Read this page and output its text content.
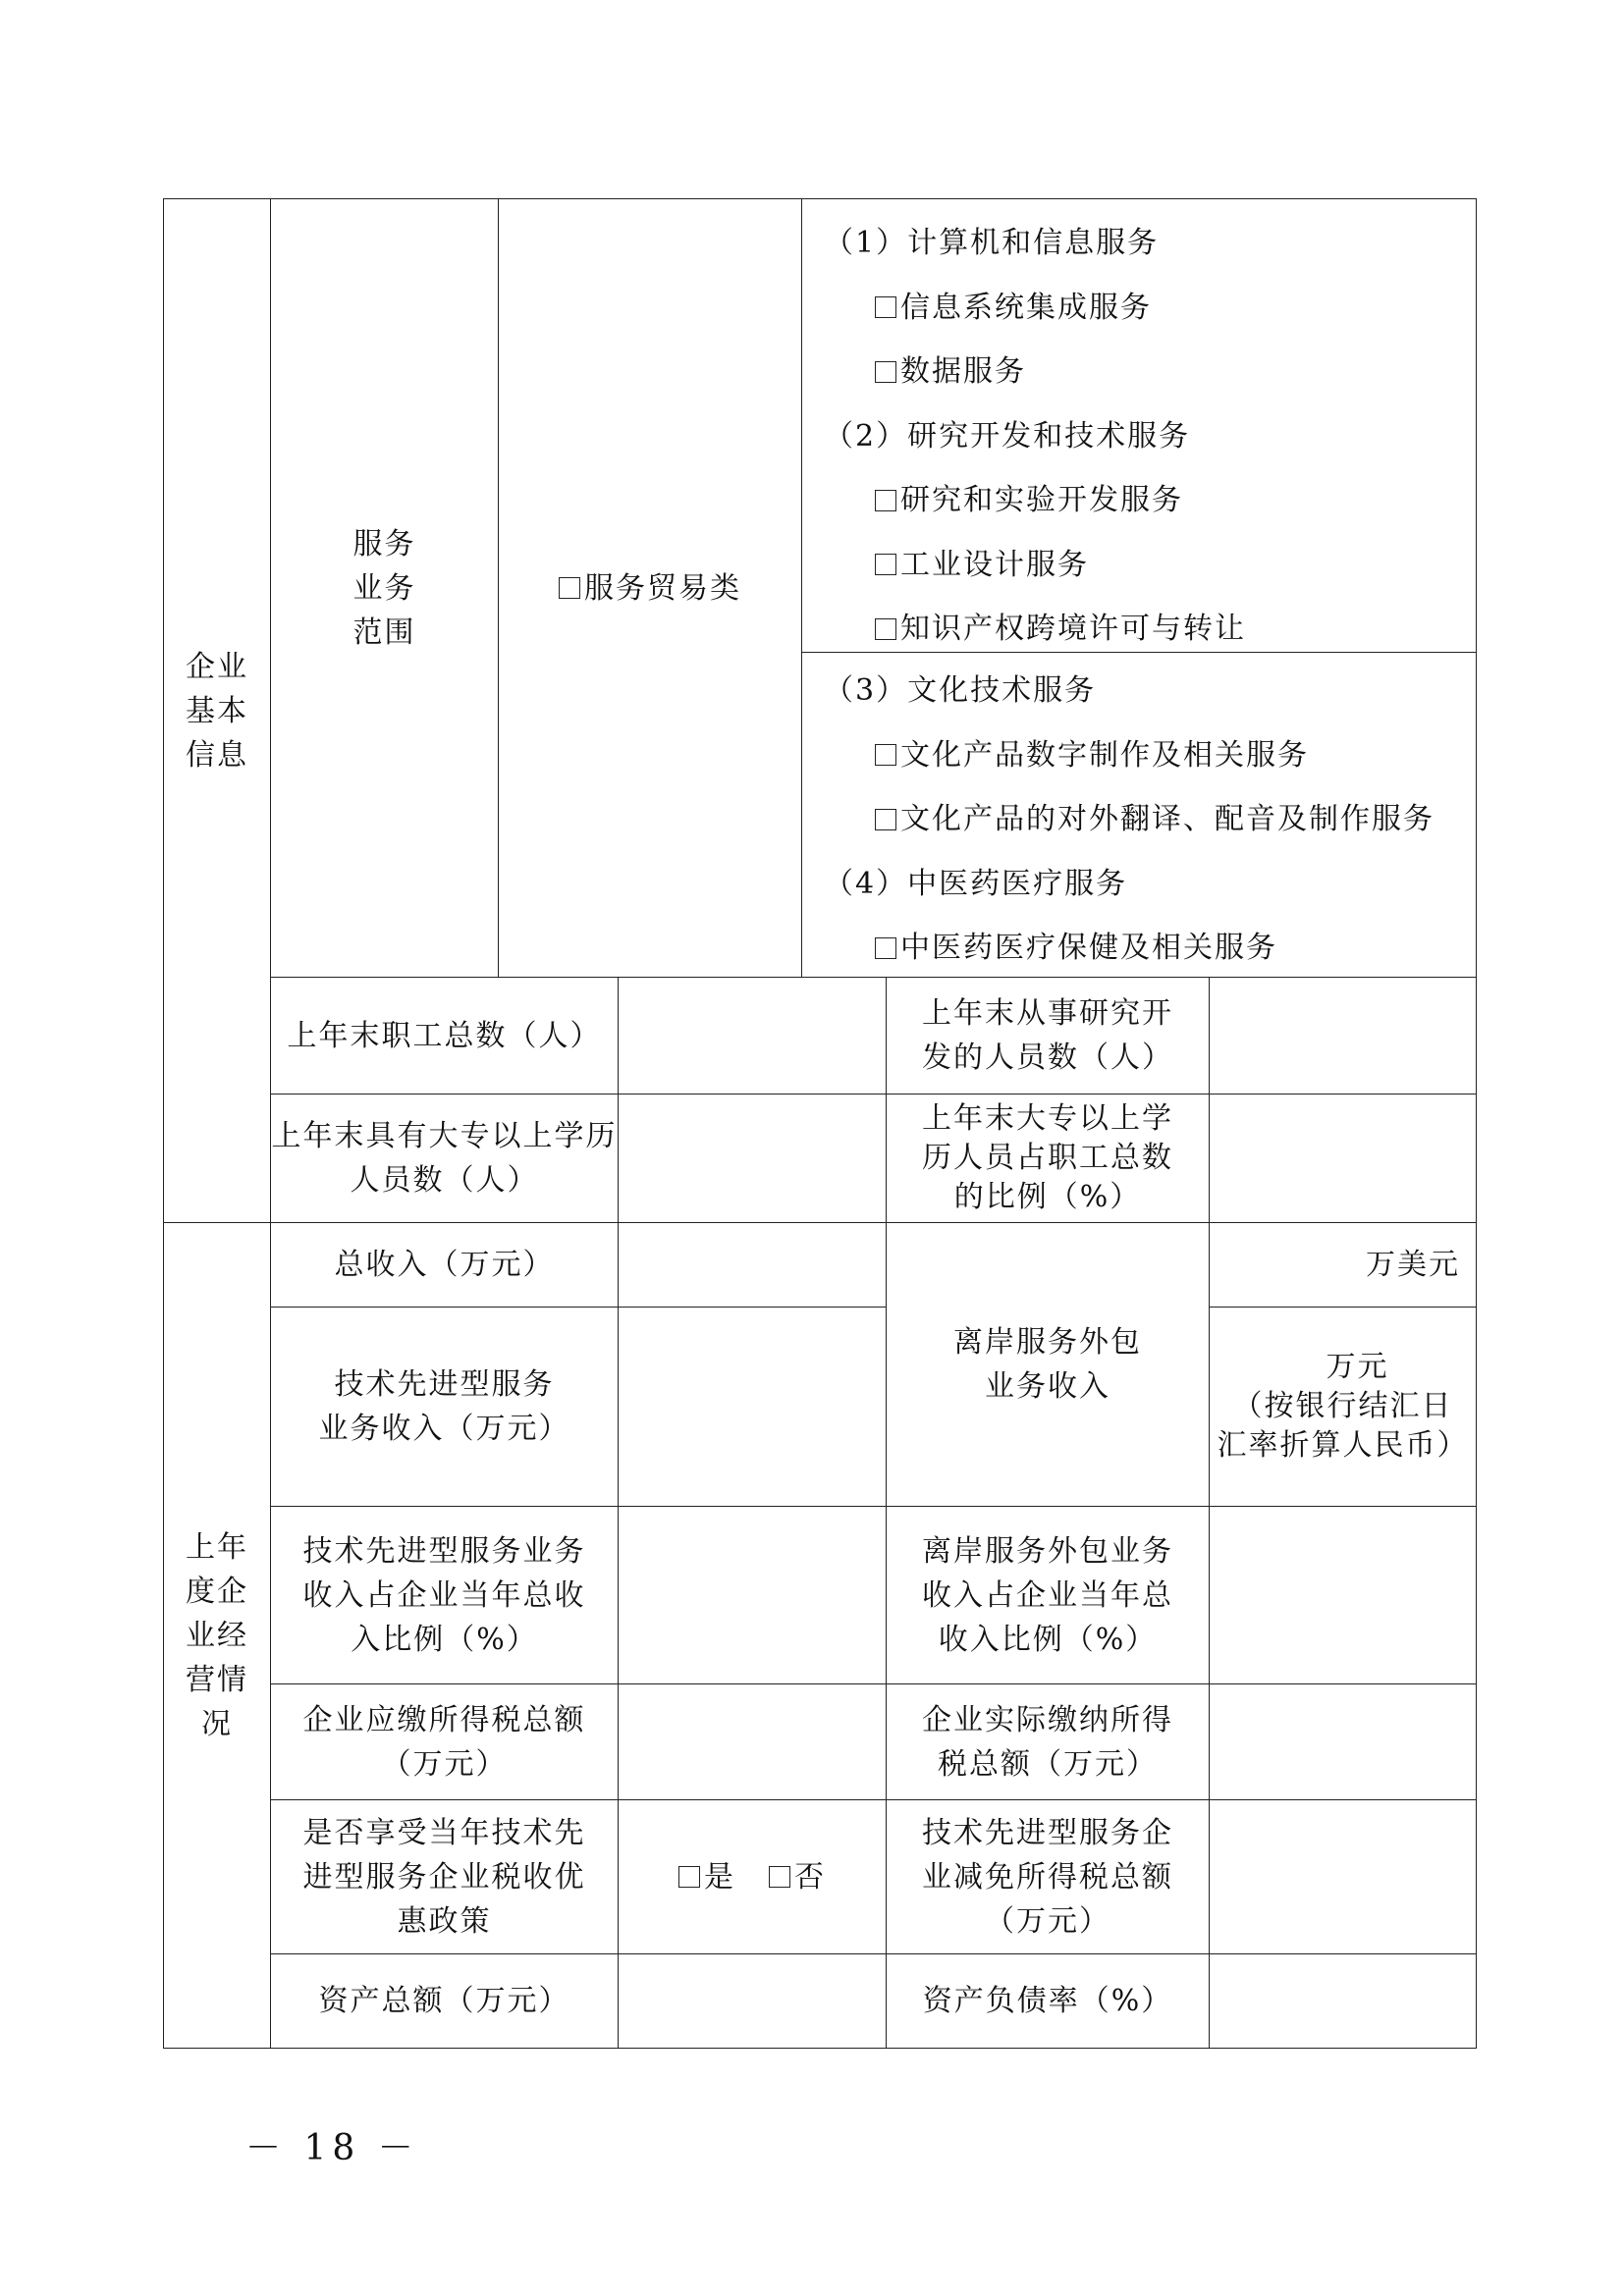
企业
基本
信息
服务
业务
范围
服务贸易类
（1）计算机和信息服务
信息系统集成服务
数据服务
（2）研究开发和技术服务
研究和实验开发服务
工业设计服务
知识产权跨境许可与转让
（3）文化技术服务
文化产品数字制作及相关服务
文化产品的对外翻译、配音及制作服务
（4）中医药医疗服务
中医药医疗保健及相关服务
上年末职工总数（人）
上年末从事研究开
发的人员数（人）
上年末具有大专以上学历
人员数（人）
上年末大专以上学
历人员占职工总数
的比例（%）
上年
度企
业经
营情
况
总收入（万元）
技术先进型服务
业务收入（万元）
离岸服务外包
业务收入
万美元
万元
（按银行结汇日
汇率折算人民币）
技术先进型服务业务
收入占企业当年总收
入比例（%）
离岸服务外包业务
收入占企业当年总
收入比例（%）
企业应缴所得税总额
（万元）
企业实际缴纳所得
税总额（万元）
是否享受当年技术先
进型服务企业税收优
惠政策
是 否
技术先进型服务企
业减免所得税总额
（万元）
资产总额（万元）	资产负债率（%）
－ 18 －
